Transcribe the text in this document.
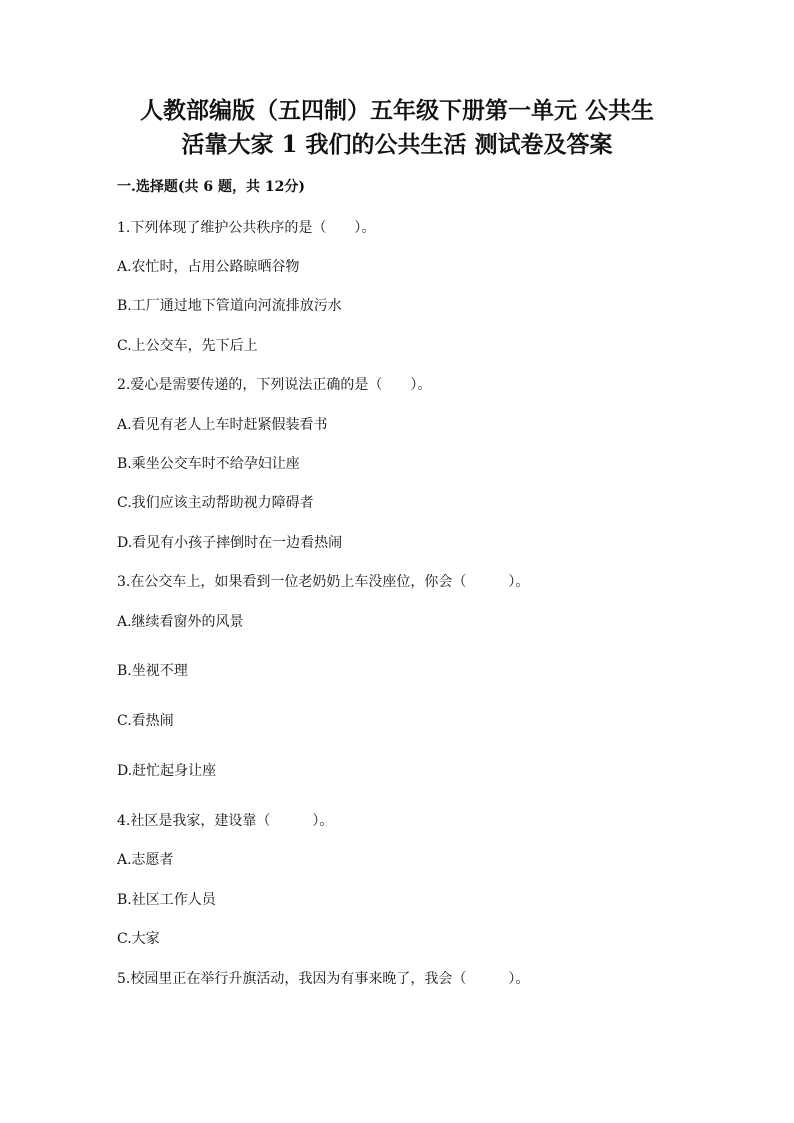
人教部编版（五四制）五年级下册第一单元 公共生
活靠大家 1 我们的公共生活 测试卷及答案
一.选择题(共 6 题，共 12分)
1.下列体现了维护公共秩序的是（　　）。
A.农忙时，占用公路晾晒谷物
B.工厂通过地下管道向河流排放污水
C.上公交车，先下后上
2.爱心是需要传递的，下列说法正确的是（　　）。
A.看见有老人上车时赶紧假装看书
B.乘坐公交车时不给孕妇让座
C.我们应该主动帮助视力障碍者
D.看见有小孩子摔倒时在一边看热闹
3.在公交车上，如果看到一位老奶奶上车没座位，你会（　　　）。
A.继续看窗外的风景
B.坐视不理
C.看热闹
D.赶忙起身让座
4.社区是我家，建设靠（　　　）。
A.志愿者
B.社区工作人员
C.大家
5.校园里正在举行升旗活动，我因为有事来晚了，我会（　　　）。
